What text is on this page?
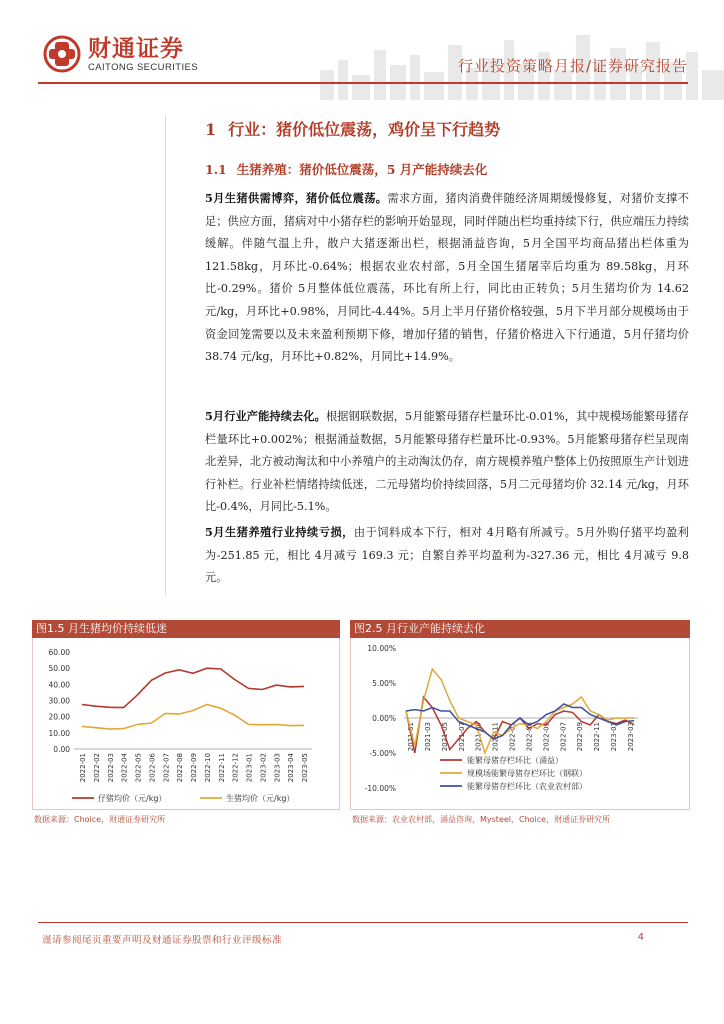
财通证券
CAITONG SECURITIES	行业投资策略月报/证券研究报告
1 行业：猪价低位震荡，鸡价呈下行趋势
1.1 生猪养殖：猪价低位震荡，5 月产能持续去化
5月生猪供需博弈，猪价低位震荡。需求方面，猪肉消费伴随经济周期缓慢修复，对猪价支撑不足；供应方面，猪病对中小猪存栏的影响开始显现，同时伴随出栏均重持续下行，供应端压力持续缓解。伴随气温上升，散户大猪逐渐出栏，根据涌益咨询，5月全国平均商品猪出栏体重为 121.58kg，月环比-0.64%；根据农业农村部，5月全国生猪屠宰后均重为 89.58kg，月环比-0.29%。猪价 5月整体低位震荡，环比有所上行，同比由正转负；5月生猪均价为 14.62 元/kg，月环比+0.98%，月同比-4.44%。5月上半月仔猪价格较强，5月下半月部分规模场由于资金回笼需要以及未来盈利预期下修，增加仔猪的销售，仔猪价格进入下行通道，5月仔猪均价 38.74 元/kg，月环比+0.82%，月同比+14.9%。
5月行业产能持续去化。根据钢联数据，5月能繁母猪存栏量环比-0.01%，其中规模场能繁母猪存栏量环比+0.002%；根据涌益数据，5月能繁母猪存栏量环比-0.93%。5月能繁母猪存栏呈现南北差异，北方被动淘汰和中小养殖户的主动淘汰仍存，南方规模养殖户整体上仍按照原生产计划进行补栏。行业补栏情绪持续低迷，二元母猪均价持续回落，5月二元母猪均价 32.14 元/kg，月环比-0.4%，月同比-5.1%。
5月生猪养殖行业持续亏损，由于饲料成本下行，相对 4月略有所减亏。5月外购仔猪平均盈利为-251.85 元，相比 4月减亏 169.3 元；自繁自养平均盈利为-327.36 元，相比 4月减亏 9.8 元。
图1.5 月生猪均价持续低迷	图2.5 月行业产能持续去化
0.00
10.00
20.00
30.00
40.00
50.00
60.00
2022-01 2022-02 2022-03 2022-04 2022-05 2022-06 2022-07 2022-08 2022-09 2022-10 2022-11 2022-12 2023-01 2023-02 2023-03 2023-04 2023-05
仔猪均价（元/kg）	生猪均价（元/kg）
10.00%
5.00%
0.00%
-5.00%
-10.00%
2021-01 2021-03 2021-05 2021-07 2021-09 2021-11 2022-01 2022-03 2022-05 2022-07 2022-09 2022-11 2023-01 2023-03
能繁母猪存栏环比（涌益）
规模场能繁母猪存栏环比（钢联）
能繁母猪存栏环比（农业农村部）
数据来源：Choice，财通证券研究所	数据来源：农业农村部，涌益咨询，Mysteel，Choice，财通证券研究所
谨请参阅尾页重要声明及财通证券股票和行业评级标准	4
